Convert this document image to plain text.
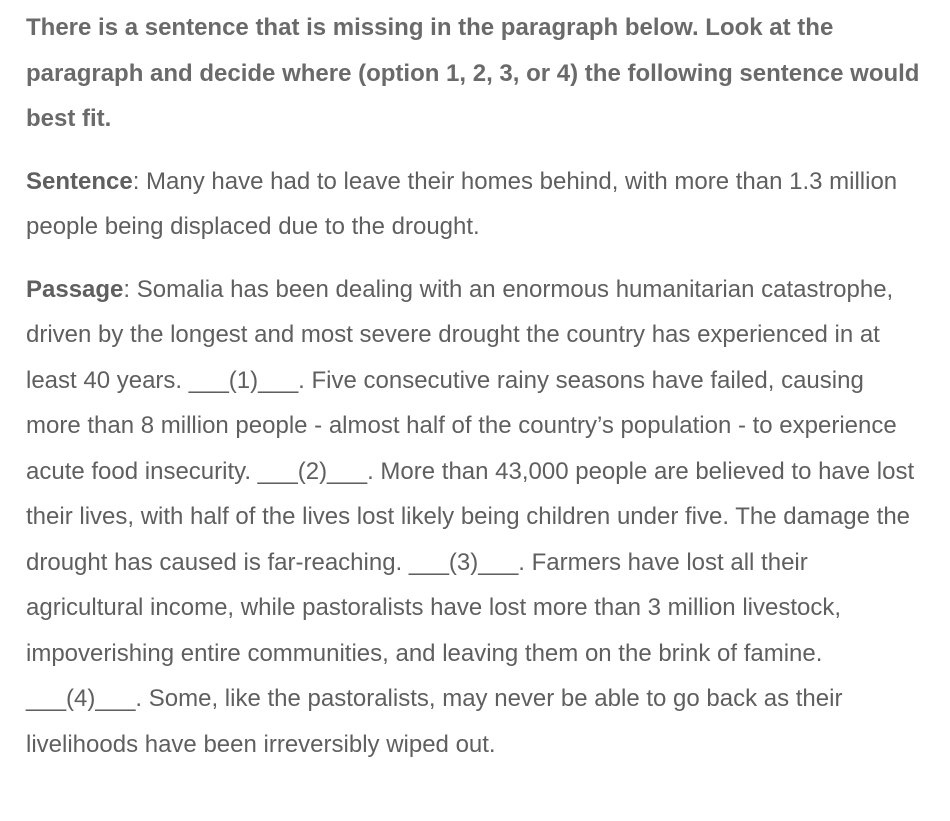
There is a sentence that is missing in the paragraph below. Look at the paragraph and decide where (option 1, 2, 3, or 4) the following sentence would best fit.

Sentence: Many have had to leave their homes behind, with more than 1.3 million people being displaced due to the drought.

Passage: Somalia has been dealing with an enormous humanitarian catastrophe, driven by the longest and most severe drought the country has experienced in at least 40 years. ___(1)___. Five consecutive rainy seasons have failed, causing more than 8 million people - almost half of the country’s population - to experience acute food insecurity. ___(2)___. More than 43,000 people are believed to have lost their lives, with half of the lives lost likely being children under five. The damage the drought has caused is far-reaching. ___(3)___. Farmers have lost all their agricultural income, while pastoralists have lost more than 3 million livestock, impoverishing entire communities, and leaving them on the brink of famine. ___(4)___. Some, like the pastoralists, may never be able to go back as their livelihoods have been irreversibly wiped out.
